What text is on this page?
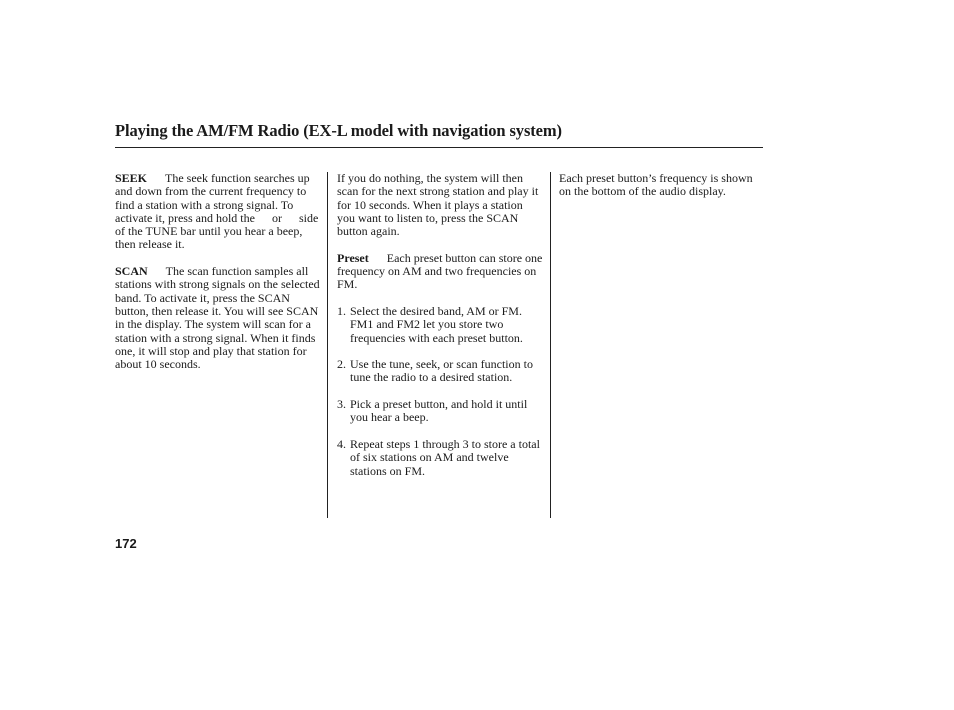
Playing the AM/FM Radio (EX-L model with navigation system)

SEEK The seek function searches up and down from the current frequency to find a station with a strong signal. To activate it, press and hold the or side of the TUNE bar until you hear a beep, then release it.

SCAN The scan function samples all stations with strong signals on the selected band. To activate it, press the SCAN button, then release it. You will see SCAN in the display. The system will scan for a station with a strong signal. When it finds one, it will stop and play that station for about 10 seconds.

If you do nothing, the system will then scan for the next strong station and play it for 10 seconds. When it plays a station you want to listen to, press the SCAN button again.

Preset Each preset button can store one frequency on AM and two frequencies on FM.

1. Select the desired band, AM or FM. FM1 and FM2 let you store two frequencies with each preset button.
2. Use the tune, seek, or scan function to tune the radio to a desired station.
3. Pick a preset button, and hold it until you hear a beep.
4. Repeat steps 1 through 3 to store a total of six stations on AM and twelve stations on FM.

Each preset button’s frequency is shown on the bottom of the audio display.

172
